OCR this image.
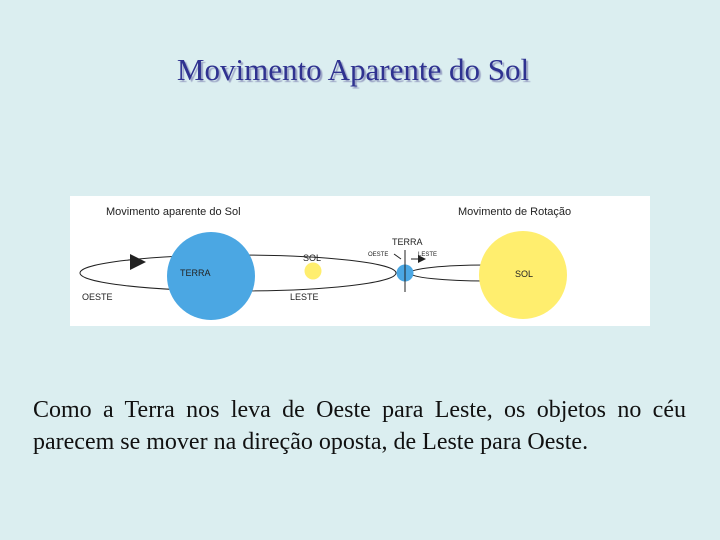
Movimento Aparente do Sol
Movimento aparente do Sol
TERRA
SOL
OESTE	LESTE
Movimento de Rotação
TERRA
SOL
OESTE	LESTE

Como a Terra nos leva de Oeste para Leste, os objetos no céu parecem se mover na direção oposta, de Leste para Oeste.
